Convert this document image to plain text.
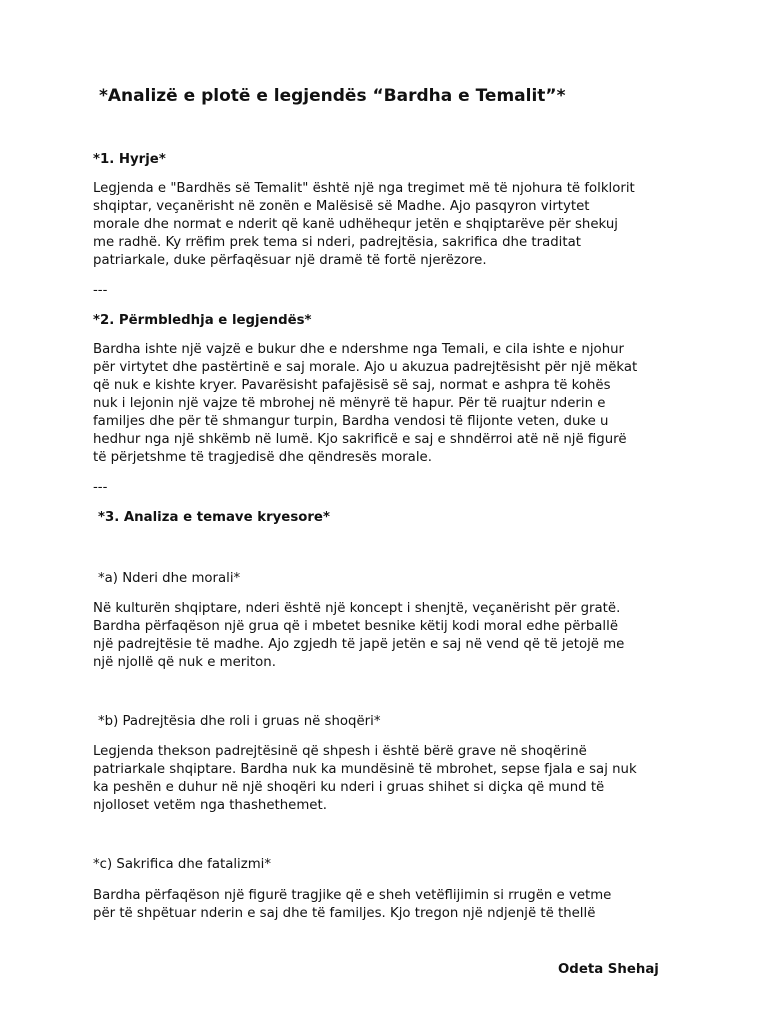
*Analizë e plotë e legjendës “Bardha e Temalit”*
*1. Hyrje*
Legjenda e "Bardhës së Temalit" është një nga tregimet më të njohura të folklorit
shqiptar, veçanërisht në zonën e Malësisë së Madhe. Ajo pasqyron virtytet
morale dhe normat e nderit që kanë udhëhequr jetën e shqiptarëve për shekuj
me radhë. Ky rrëfim prek tema si nderi, padrejtësia, sakrifica dhe traditat
patriarkale, duke përfaqësuar një dramë të fortë njerëzore.
---
*2. Përmbledhja e legjendës*
Bardha ishte një vajzë e bukur dhe e ndershme nga Temali, e cila ishte e njohur
për virtytet dhe pastërtinë e saj morale. Ajo u akuzua padrejtësisht për një mëkat
që nuk e kishte kryer. Pavarësisht pafajësisë së saj, normat e ashpra të kohës
nuk i lejonin një vajze të mbrohej në mënyrë të hapur. Për të ruajtur nderin e
familjes dhe për të shmangur turpin, Bardha vendosi të flijonte veten, duke u
hedhur nga një shkëmb në lumë. Kjo sakrificë e saj e shndërroi atë në një figurë
të përjetshme të tragjedisë dhe qëndresës morale.
---
*3. Analiza e temave kryesore*
*a) Nderi dhe morali*
Në kulturën shqiptare, nderi është një koncept i shenjtë, veçanërisht për gratë.
Bardha përfaqëson një grua që i mbetet besnike këtij kodi moral edhe përballë
një padrejtësie të madhe. Ajo zgjedh të japë jetën e saj në vend që të jetojë me
një njollë që nuk e meriton.
*b) Padrejtësia dhe roli i gruas në shoqëri*
Legjenda thekson padrejtësinë që shpesh i është bërë grave në shoqërinë
patriarkale shqiptare. Bardha nuk ka mundësinë të mbrohet, sepse fjala e saj nuk
ka peshën e duhur në një shoqëri ku nderi i gruas shihet si diçka që mund të
njolloset vetëm nga thashethemet.
*c) Sakrifica dhe fatalizmi*
Bardha përfaqëson një figurë tragjike që e sheh vetëflijimin si rrugën e vetme
për të shpëtuar nderin e saj dhe të familjes. Kjo tregon një ndjenjë të thellë
Odeta Shehaj
